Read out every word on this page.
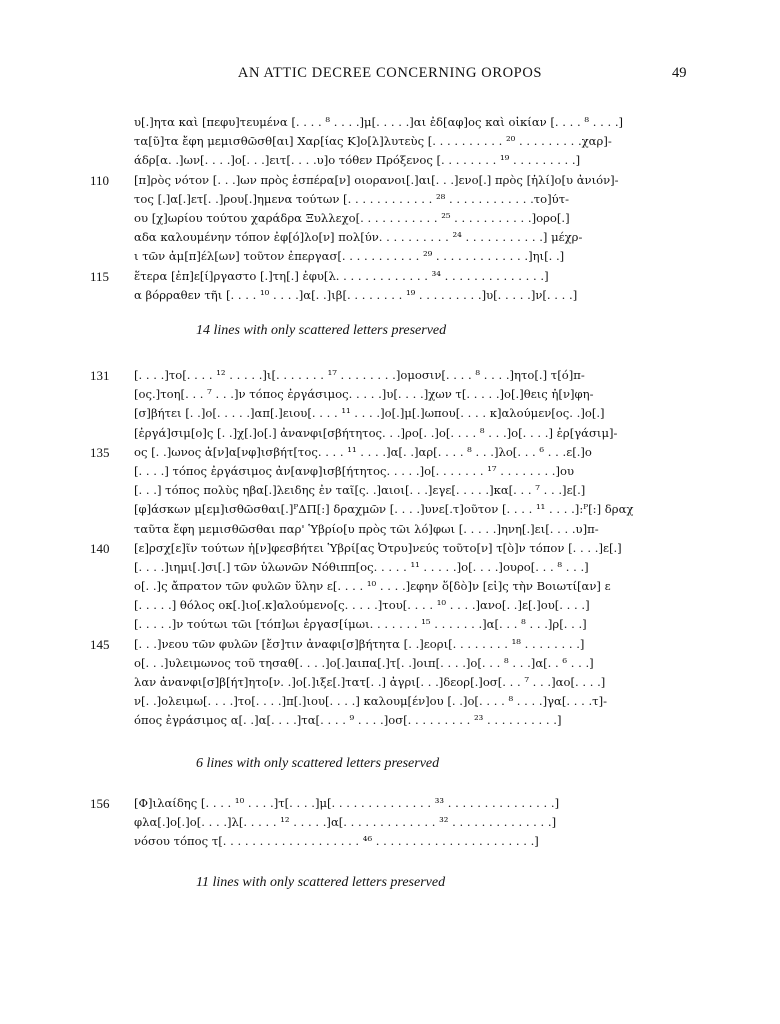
AN ATTIC DECREE CONCERNING OROPOS	49
υ[.]ητα καὶ [πεφυ]τευμένα [. . . . ⁸ . . . .]μ[. . . . .]αι ἐδ[αφ]ος καὶ οἰκίαν [. . . . ⁸ . . . .]
τα[ῦ]τα ἔφη μεμισθῶσθ[αι] Χαρ[ίας Κ]ο[λ]λυτεὺς [. . . . . . . . . . ²⁰ . . . . . . . . .χαρ]-
άδρ[α. .]ων[. . . .]ο[. . .]ειτ[. . . .υ]ο τόθεν Πρόξενος [. . . . . . . . ¹⁹ . . . . . . . . .]
110	[π]ρὸς νότον [. . .]ων πρὸς ἑσπέρα[ν] οιορανοι[.]αι[. . .]ενο[.] πρὸς [ἡλί]ο[υ ἀνιόν]-
τος [.]α[.]ετ[. .]ρου[.]ημενα τούτων [. . . . . . . . . . . . ²⁸ . . . . . . . . . . . .το]ύτ-
ου [χ]ωρίου τούτου χαράδρα Ξυλλεχο[. . . . . . . . . . . ²⁵ . . . . . . . . . . .]ορο[.]
αδα καλουμένην τόπον ἐφ[ό]λο[ν] πολ[ύν. . . . . . . . . . ²⁴ . . . . . . . . . . .] μέχρ-
ι τῶν ἀμ[π]έλ[ων] τοῦτον ἐπεργασ[. . . . . . . . . . . ²⁹ . . . . . . . . . . . . .]ηι[. .]
115	ἕτερα [ἐπ]ε[ί]ργαστο [.]τη[.] ἐφυ[λ. . . . . . . . . . . . . ³⁴ . . . . . . . . . . . . . .]
α βόρραθεν τῆι [. . . . ¹⁰ . . . .]α[. .]ιβ[. . . . . . . . ¹⁹ . . . . . . . . .]υ[. . . . .]ν[. . . .]
14 lines with only scattered letters preserved
131	[. . . .]το[. . . . ¹² . . . . .]ι[. . . . . . . ¹⁷ . . . . . . . .]ομοσιν[. . . . ⁸ . . . .]ητο[.] τ[ό]π-
[ος.]τοη[. . . ⁷ . . .]ν τόπος ἐργάσιμος. . . . .]υ[. . . .]χων τ[. . . . .]ο[.]θεις ἠ[ν]φη-
[σ]βήτει [. .]ο[. . . . .]απ[.]ειου[. . . . ¹¹ . . . .]ο[.]μ[.]ωπου[. . . . κ]αλούμεν[ος. .]ο[.]
[ἐργά]σιμ[ο]ς [. .]χ[.]ο[.] ἀνανφι[σβήτητος. . .]ρο[. .]ο[. . . . ⁸ . . .]ο[. . . .] ἐρ[γάσιμ]-
135	ος [. .]ωνος ἀ[ν]α[νφ]ισβήτ[τος. . . . ¹¹ . . . .]α[. .]αρ[. . . . ⁸ . . .]λο[. . . ⁶ . . .ε[.]ο
[. . . .] τόπος ἐργάσιμος ἀν[ανφ]ισβ[ήτητος. . . . .]ο[. . . . . . . ¹⁷ . . . . . . . .]ου
[. . .] τόπος πολὺς ηβα[.]λειδης ἐν ταῖ[ς. .]αιοι[. . .]εγε[. . . . .]κα[. . . ⁷ . . .]ε[.]
[φ]άσκων μ[εμ]ισθῶσθαι[.]ᴾΔΠ[:] δραχμῶν [. . . .]υνε[.τ]οῦτον [. . . . ¹¹ . . . .]:ᴾ[:] δραχ
ταῦτα ἔφη μεμισθῶσθαι παρ' Ὑβρίο[υ πρὸς τῶι λό]φωι [. . . . .]ηνη[.]ει[. . . .υ]π-
140	[ε]ρσχ[ε]ῖν τούτων ἠ[ν]φεσβήτει Ὑβρί[ας Ὀτρυ]νεύς τοῦτο[ν] τ[ὸ]ν τόπον [. . . .]ε[.]
[. . . .]ιημι[.]σι[.] τῶν ὑλωνῶν Νόθιππ[ος. . . . . ¹¹ . . . . .]ο[. . . .]ουρο[. . . ⁸ . . .]
ο[. .]ς ἄπρατον τῶν φυλῶν ὕλην ε[. . . . ¹⁰ . . . .]εφην ὅ[δὸ]ν [εἰ]ς τὴν Βοιωτί[αν] ε
[. . . . .] θόλος οκ[.]ιο[.κ]αλούμενο[ς. . . . .]του[. . . . ¹⁰ . . . .]ανο[. .]ε[.]ου[. . . .]
[. . . . .]ν τούτωι τῶι [τόπ]ωι ἐργασ[ίμωι. . . . . . . ¹⁵ . . . . . . .]α[. . . ⁸ . . .]ρ[. . .]
145	[. . .]νεου τῶν φυλῶν [ἔσ]τιν ἀναφι[σ]βήτητα [. .]εορι[. . . . . . . . ¹⁸ . . . . . . . .]
ο[. . .]υλειμωνος τοῦ τησαθ[. . . .]ο[.]αιπα[.]τ[. .]οιπ[. . . .]ο[. . . ⁸ . . .]α[. . ⁶ . . .]
λαν ἀνανφι[σ]β[ήτ]ητο[ν. .]ο[.]ιξε[.]τατ[. .] ἀγρι[. . .]δεορ[.]οσ[. . . ⁷ . . .]αο[. . . .]
ν[. .]ολειμω[. . . .]το[. . . .]π[.]ιου[. . . .] καλουμ[έν]ου [. .]ο[. . . . ⁸ . . . .]γα[. . . .τ]-
όπος ἐγράσιμος α[. .]α[. . . .]τα[. . . . ⁹ . . . .]οσ[. . . . . . . . . ²³ . . . . . . . . . .]
6 lines with only scattered letters preserved
156	[Φ]ιλαίδης [. . . . ¹⁰ . . . .]τ[. . . .]μ[. . . . . . . . . . . . . . ³³ . . . . . . . . . . . . . . .]
φλα[.]ο[.]ο[. . . .]λ[. . . . . ¹² . . . . .]α[. . . . . . . . . . . . . ³² . . . . . . . . . . . . . .]
νόσου τόπος τ[. . . . . . . . . . . . . . . . . . . ⁴⁶ . . . . . . . . . . . . . . . . . . . . . .]
11 lines with only scattered letters preserved
